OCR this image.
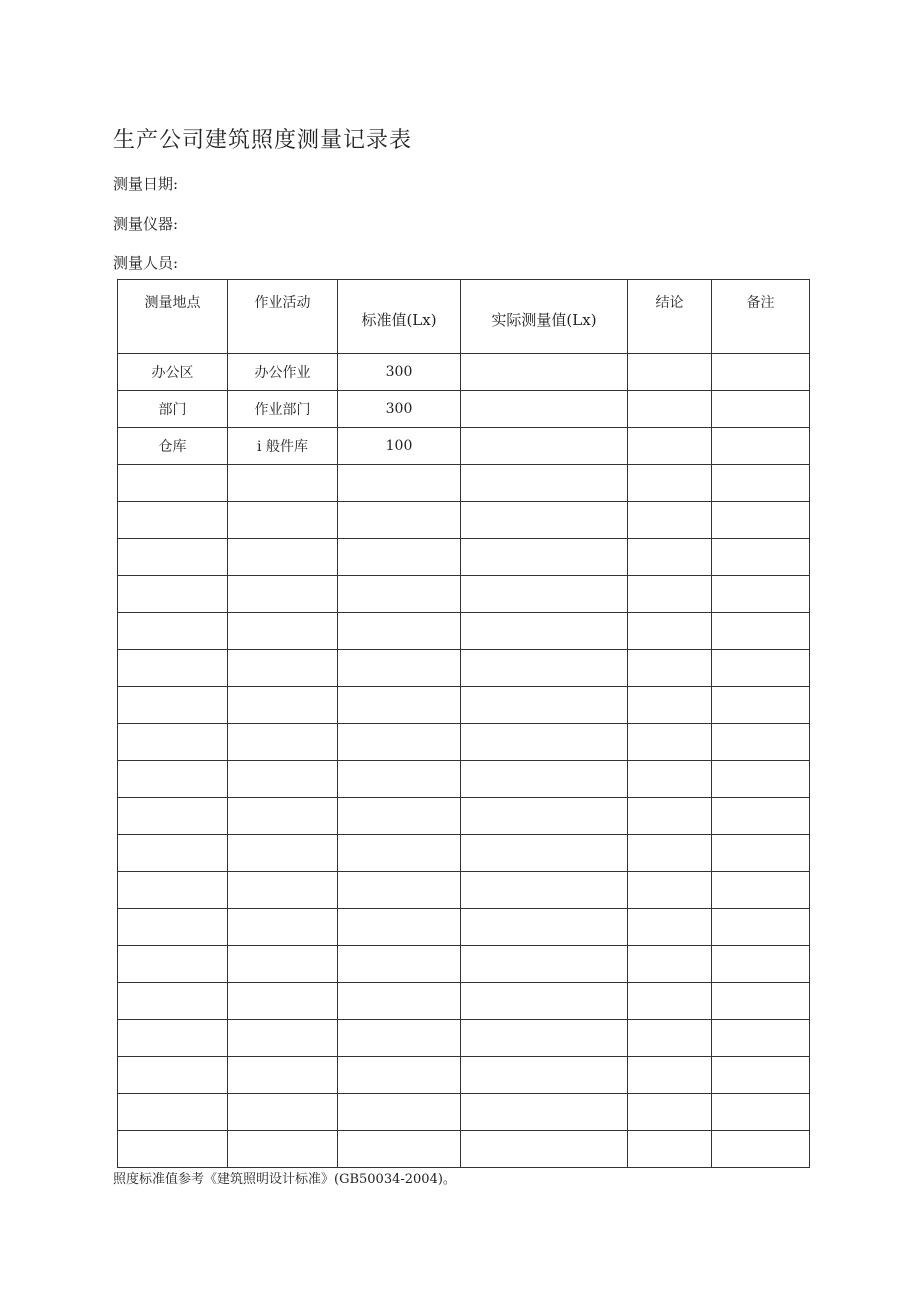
生产公司建筑照度测量记录表
测量日期:
测量仪器:
测量人员:
测量地点	作业活动	标准值(Lx)	实际测量值(Lx)	结论	备注

办公区	办公作业	300			
部门	作业部门	300			
仓库	i 般件库	100			

照度标准值参考《建筑照明设计标准》(GB50034-2004)。
